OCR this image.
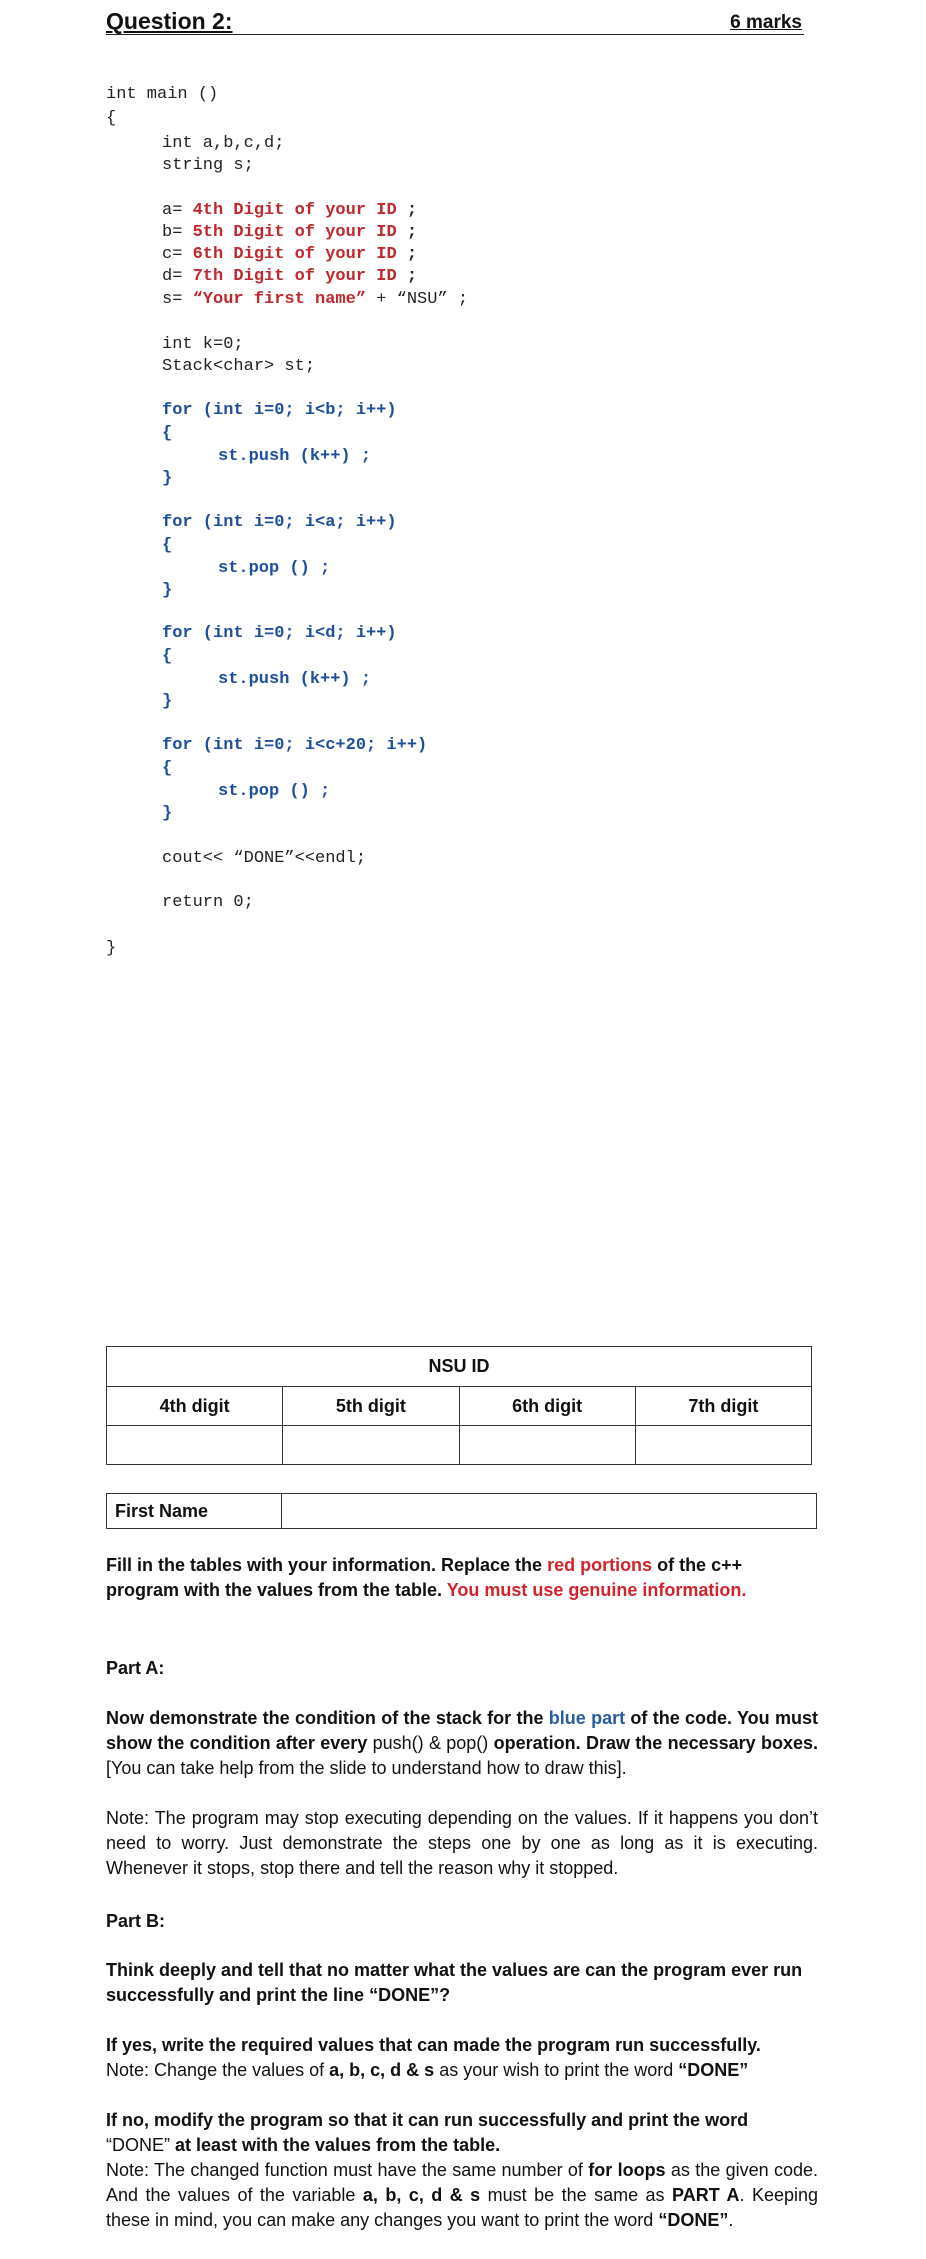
Question 2:	6 marks
int main ()
{
int a,b,c,d;
string s;
a= 4th Digit of your ID ;
b= 5th Digit of your ID ;
c= 6th Digit of your ID ;
d= 7th Digit of your ID ;
s= “Your first name” + “NSU” ;
int k=0;
Stack<char> st;
for (int i=0; i<b; i++)
{
st.push (k++) ;
}
for (int i=0; i<a; i++)
{
st.pop () ;
}
for (int i=0; i<d; i++)
{
st.push (k++) ;
}
for (int i=0; i<c+20; i++)
{
st.pop () ;
}
cout<< “DONE”<<endl;
return 0;
}
NSU ID			
4th digit	5th digit	6th digit	7th digit

First Name
Fill in the tables with your information. Replace the red portions of the c++ program with the values from the table. You must use genuine information.
Part A:
Now demonstrate the condition of the stack for the blue part of the code. You must show the condition after every push() & pop() operation. Draw the necessary boxes. [You can take help from the slide to understand how to draw this].
Note: The program may stop executing depending on the values. If it happens you don’t need to worry. Just demonstrate the steps one by one as long as it is executing. Whenever it stops, stop there and tell the reason why it stopped.
Part B:
Think deeply and tell that no matter what the values are can the program ever run successfully and print the line “DONE”?
If yes, write the required values that can made the program run successfully.
Note: Change the values of a, b, c, d & s as your wish to print the word “DONE”
If no, modify the program so that it can run successfully and print the word
“DONE” at least with the values from the table.
Note: The changed function must have the same number of for loops as the given code. And the values of the variable a, b, c, d & s must be the same as PART A. Keeping these in mind, you can make any changes you want to print the word “DONE”.
